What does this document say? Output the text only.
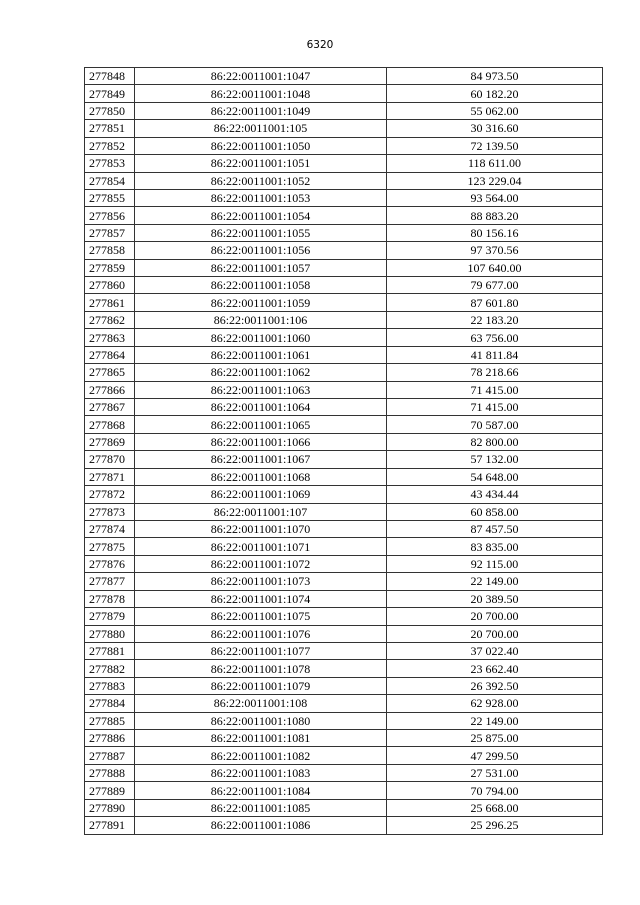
6320
277848	86:22:0011001:1047	84 973.50
277849	86:22:0011001:1048	60 182.20
277850	86:22:0011001:1049	55 062.00
277851	86:22:0011001:105	30 316.60
277852	86:22:0011001:1050	72 139.50
277853	86:22:0011001:1051	118 611.00
277854	86:22:0011001:1052	123 229.04
277855	86:22:0011001:1053	93 564.00
277856	86:22:0011001:1054	88 883.20
277857	86:22:0011001:1055	80 156.16
277858	86:22:0011001:1056	97 370.56
277859	86:22:0011001:1057	107 640.00
277860	86:22:0011001:1058	79 677.00
277861	86:22:0011001:1059	87 601.80
277862	86:22:0011001:106	22 183.20
277863	86:22:0011001:1060	63 756.00
277864	86:22:0011001:1061	41 811.84
277865	86:22:0011001:1062	78 218.66
277866	86:22:0011001:1063	71 415.00
277867	86:22:0011001:1064	71 415.00
277868	86:22:0011001:1065	70 587.00
277869	86:22:0011001:1066	82 800.00
277870	86:22:0011001:1067	57 132.00
277871	86:22:0011001:1068	54 648.00
277872	86:22:0011001:1069	43 434.44
277873	86:22:0011001:107	60 858.00
277874	86:22:0011001:1070	87 457.50
277875	86:22:0011001:1071	83 835.00
277876	86:22:0011001:1072	92 115.00
277877	86:22:0011001:1073	22 149.00
277878	86:22:0011001:1074	20 389.50
277879	86:22:0011001:1075	20 700.00
277880	86:22:0011001:1076	20 700.00
277881	86:22:0011001:1077	37 022.40
277882	86:22:0011001:1078	23 662.40
277883	86:22:0011001:1079	26 392.50
277884	86:22:0011001:108	62 928.00
277885	86:22:0011001:1080	22 149.00
277886	86:22:0011001:1081	25 875.00
277887	86:22:0011001:1082	47 299.50
277888	86:22:0011001:1083	27 531.00
277889	86:22:0011001:1084	70 794.00
277890	86:22:0011001:1085	25 668.00
277891	86:22:0011001:1086	25 296.25
